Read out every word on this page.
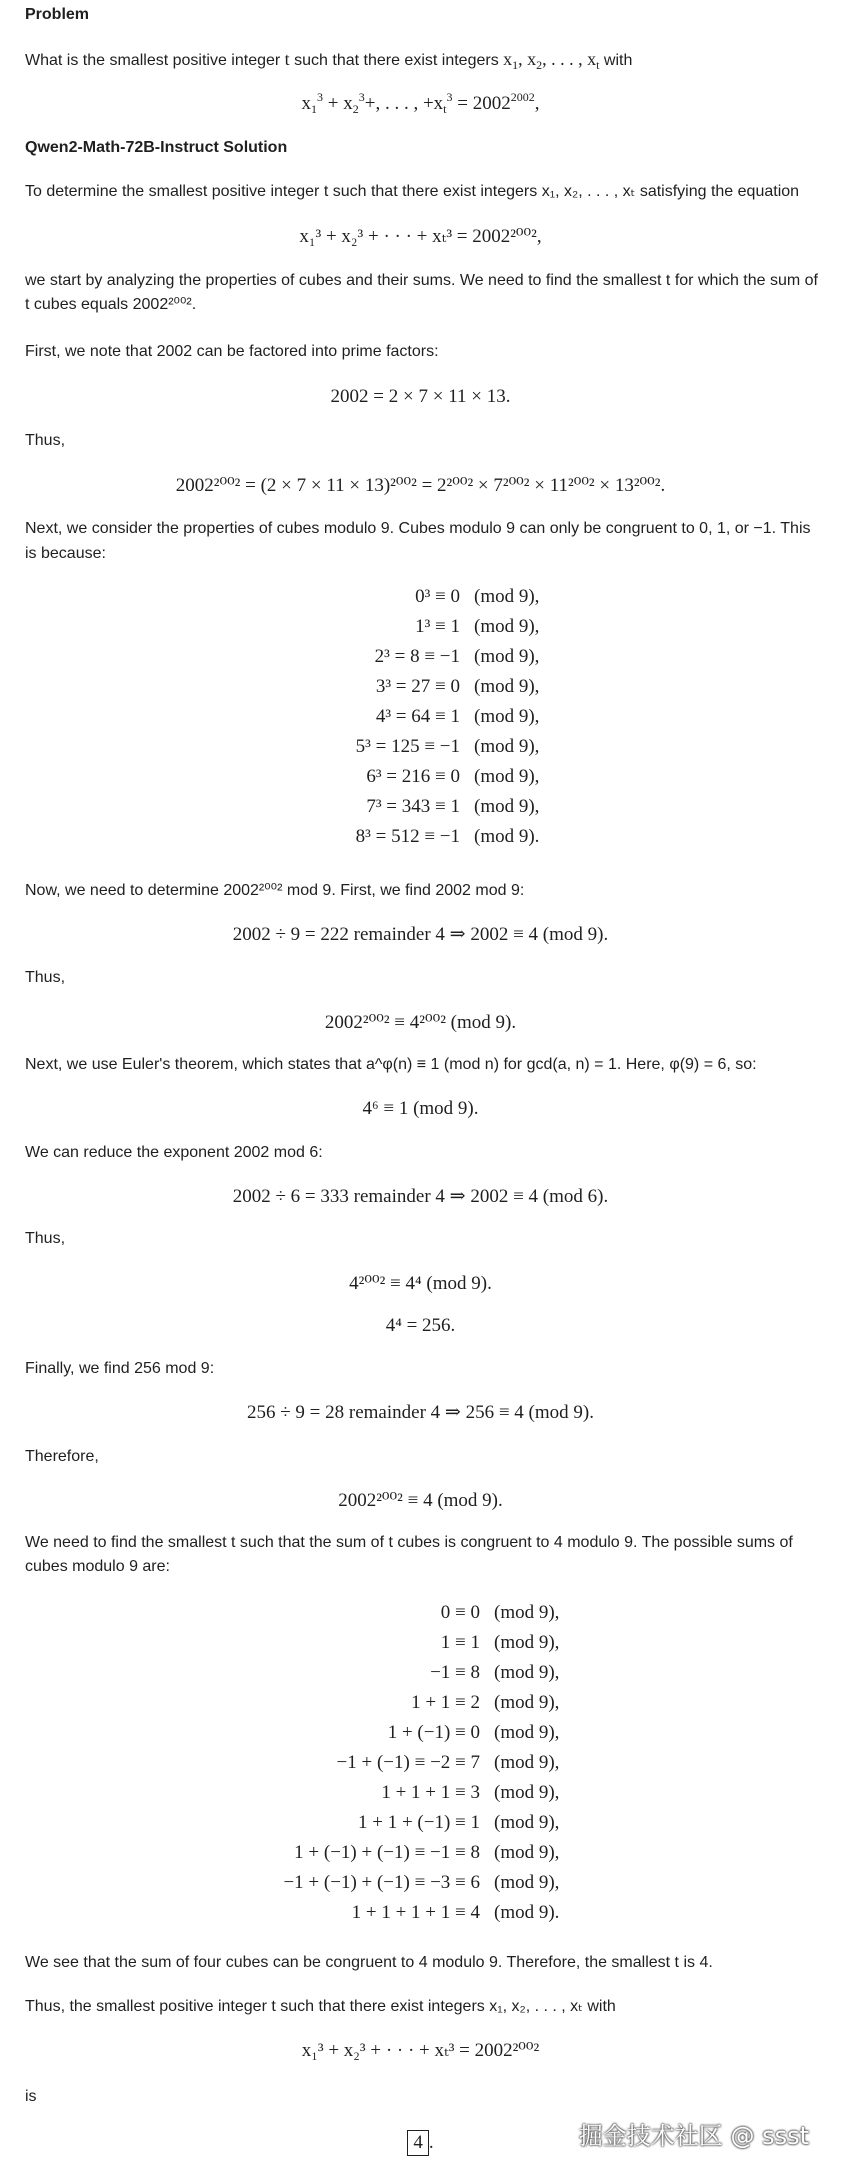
Problem
What is the smallest positive integer t such that there exist integers $x_1$, $x_2$, . . . , $x_t$ with
$x_1^3 + x_2^3+$, . . . , $+x_t^3 = 2002^{2002}$,
Qwen2-Math-72B-Instruct Solution
To determine the smallest positive integer t such that there exist integers x₁, x₂, . . . , xₜ satisfying the equation
x₁³ + x₂³ + · · · + xₜ³ = 2002²⁰⁰²,
we start by analyzing the properties of cubes and their sums. We need to find the smallest t for which the sum of
t cubes equals 2002²⁰⁰².
First, we note that 2002 can be factored into prime factors:
2002 = 2 × 7 × 11 × 13.
Thus,
2002²⁰⁰² = (2 × 7 × 11 × 13)²⁰⁰² = 2²⁰⁰² × 7²⁰⁰² × 11²⁰⁰² × 13²⁰⁰².
Next, we consider the properties of cubes modulo 9. Cubes modulo 9 can only be congruent to 0, 1, or −1. This
is because:
0³ ≡ 0 (mod 9),
1³ ≡ 1 (mod 9),
2³ = 8 ≡ −1 (mod 9),
3³ = 27 ≡ 0 (mod 9),
4³ = 64 ≡ 1 (mod 9),
5³ = 125 ≡ −1 (mod 9),
6³ = 216 ≡ 0 (mod 9),
7³ = 343 ≡ 1 (mod 9),
8³ = 512 ≡ −1 (mod 9).
Now, we need to determine 2002²⁰⁰² mod 9. First, we find 2002 mod 9:
2002 ÷ 9 = 222 remainder 4 ⇒ 2002 ≡ 4 (mod 9).
Thus,
2002²⁰⁰² ≡ 4²⁰⁰² (mod 9).
Next, we use Euler's theorem, which states that a^φ(n) ≡ 1 (mod n) for gcd(a, n) = 1. Here, φ(9) = 6, so:
4⁶ ≡ 1 (mod 9).
We can reduce the exponent 2002 mod 6:
2002 ÷ 6 = 333 remainder 4 ⇒ 2002 ≡ 4 (mod 6).
Thus,
4²⁰⁰² ≡ 4⁴ (mod 9).
4⁴ = 256.
Finally, we find 256 mod 9:
256 ÷ 9 = 28 remainder 4 ⇒ 256 ≡ 4 (mod 9).
Therefore,
2002²⁰⁰² ≡ 4 (mod 9).
We need to find the smallest t such that the sum of t cubes is congruent to 4 modulo 9. The possible sums of
cubes modulo 9 are:
0 ≡ 0 (mod 9),
1 ≡ 1 (mod 9),
−1 ≡ 8 (mod 9),
1 + 1 ≡ 2 (mod 9),
1 + (−1) ≡ 0 (mod 9),
−1 + (−1) ≡ −2 ≡ 7 (mod 9),
1 + 1 + 1 ≡ 3 (mod 9),
1 + 1 + (−1) ≡ 1 (mod 9),
1 + (−1) + (−1) ≡ −1 ≡ 8 (mod 9),
−1 + (−1) + (−1) ≡ −3 ≡ 6 (mod 9),
1 + 1 + 1 + 1 ≡ 4 (mod 9).
We see that the sum of four cubes can be congruent to 4 modulo 9. Therefore, the smallest t is 4.
Thus, the smallest positive integer t such that there exist integers x₁, x₂, . . . , xₜ with
x₁³ + x₂³ + · · · + xₜ³ = 2002²⁰⁰²
is
4 .	掘金技术社区 @ ssst
